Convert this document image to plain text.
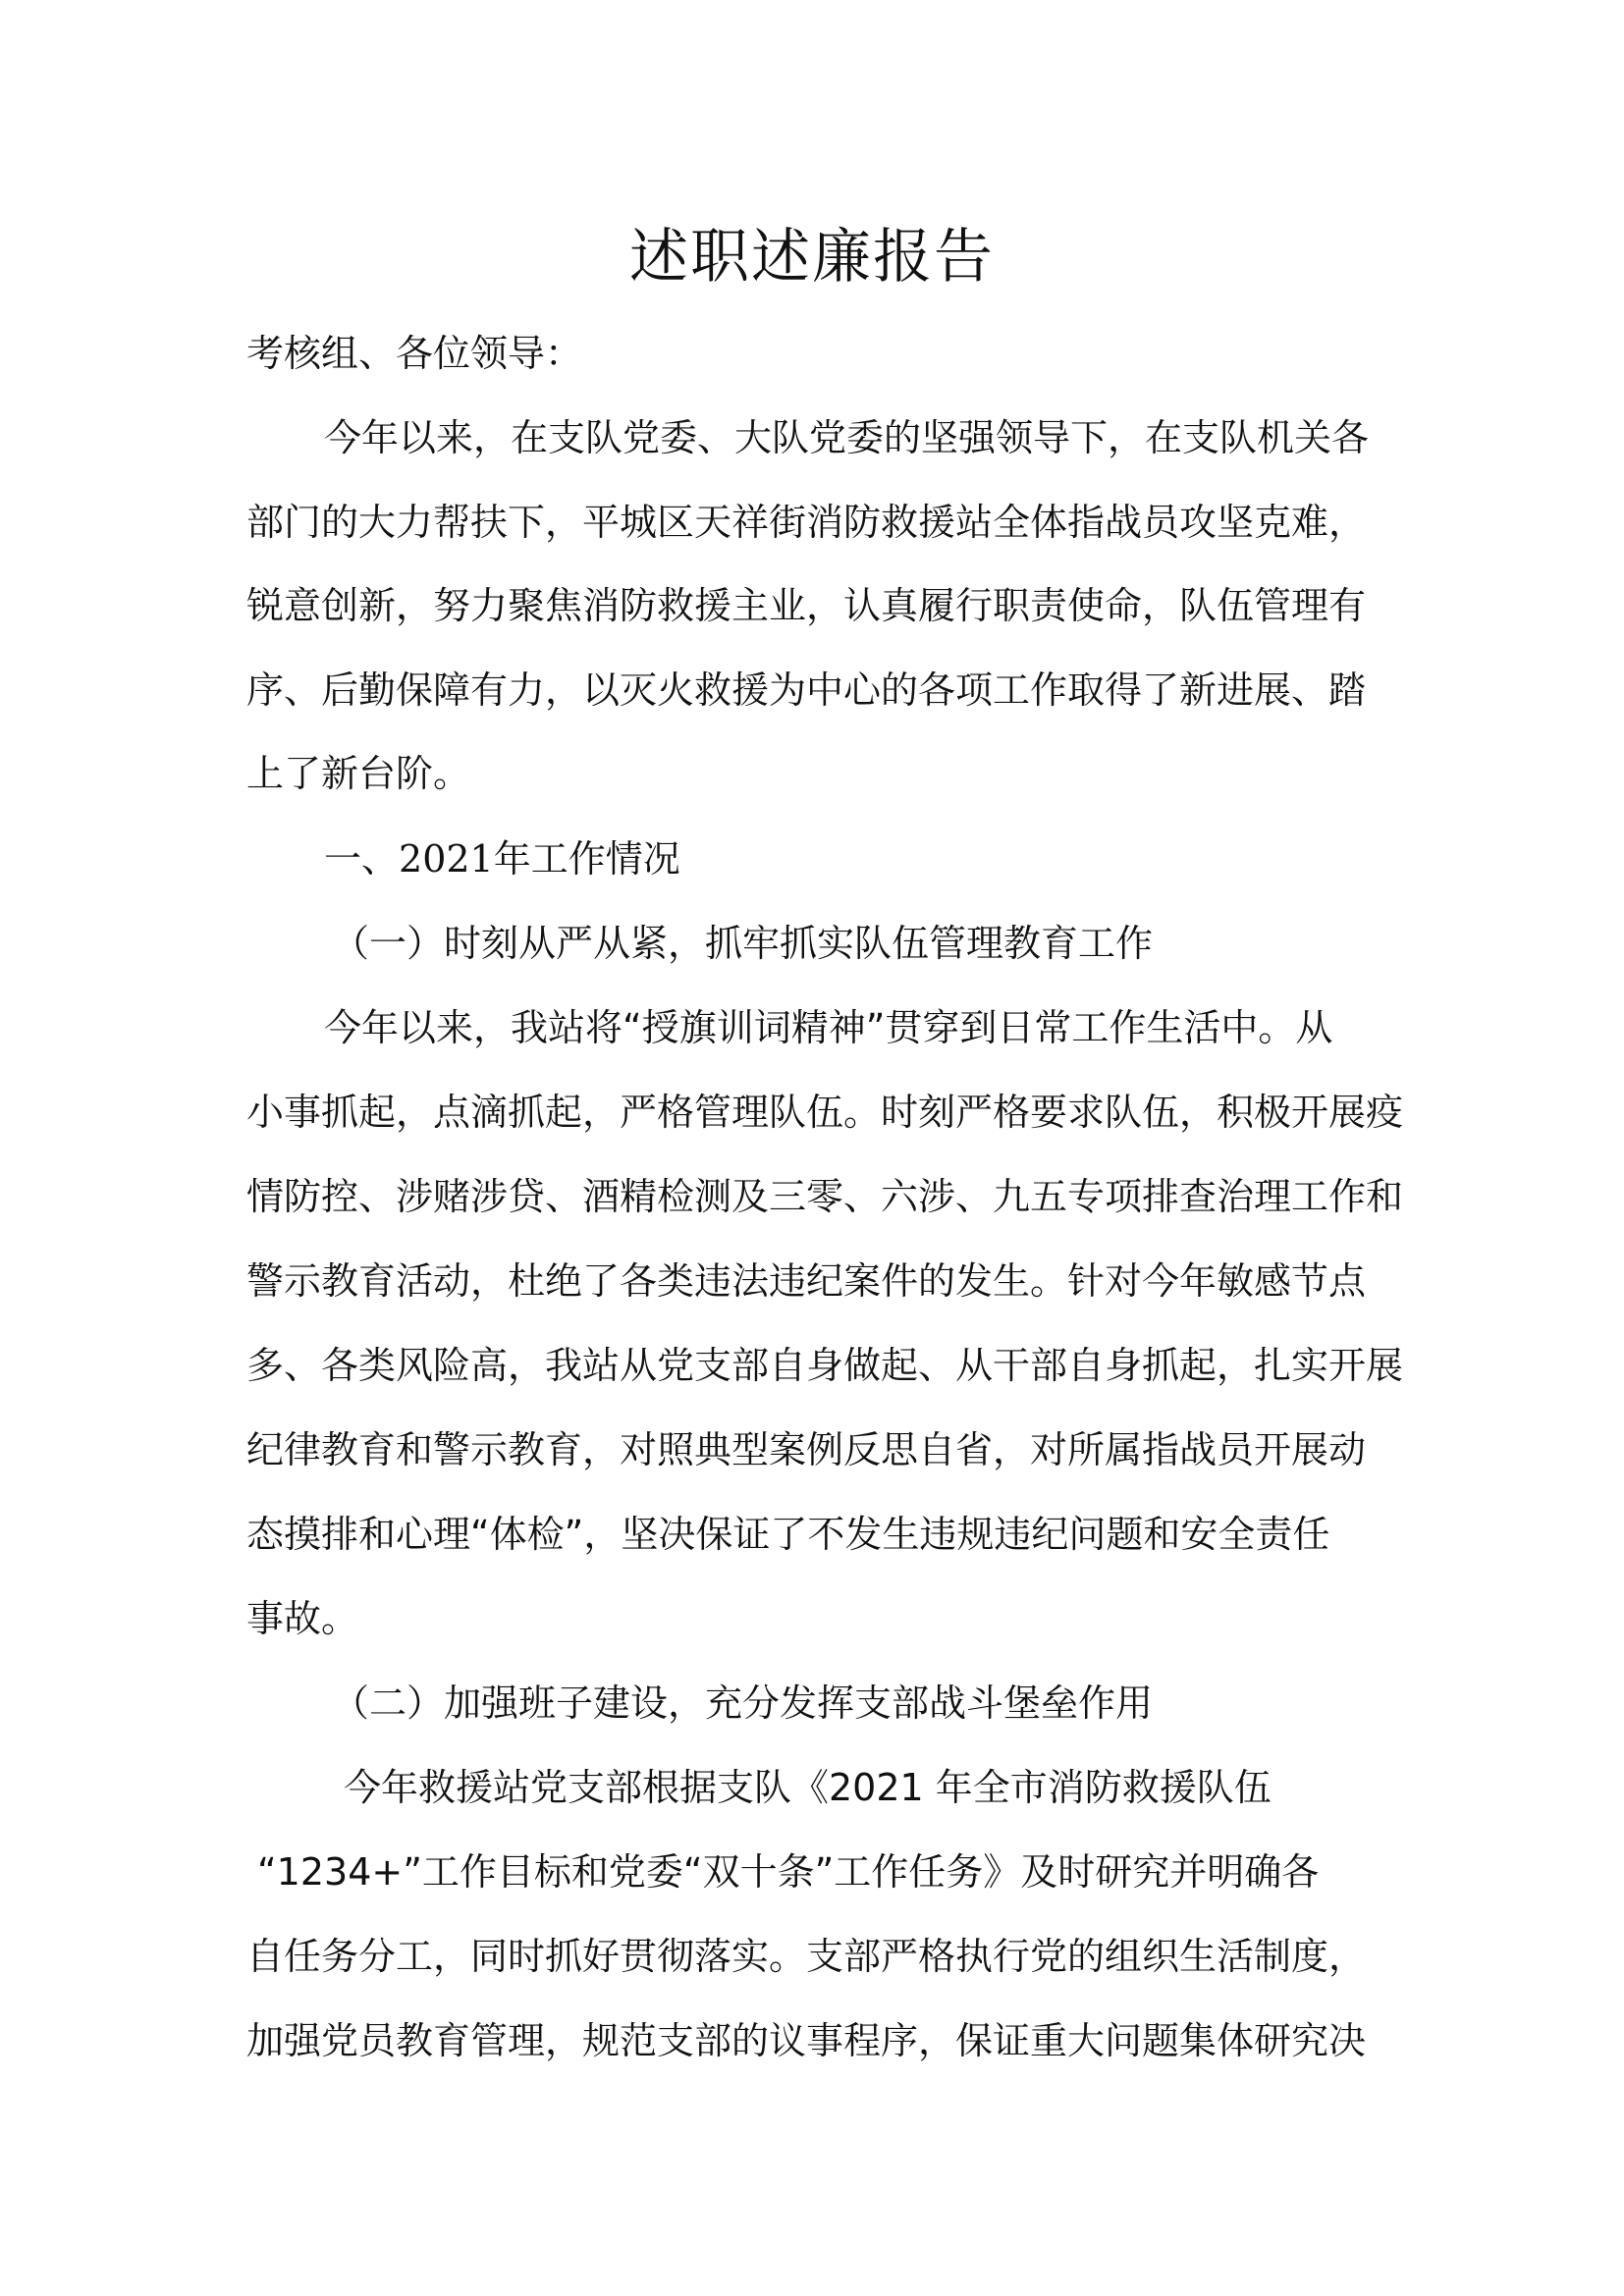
述职述廉报告
考核组、各位领导：
今年以来，在支队党委、大队党委的坚强领导下，在支队机关各
部门的大力帮扶下，平城区天祥街消防救援站全体指战员攻坚克难，
锐意创新，努力聚焦消防救援主业，认真履行职责使命，队伍管理有
序、后勤保障有力，以灭火救援为中心的各项工作取得了新进展、踏
上了新台阶。
一、2021年工作情况
（一）时刻从严从紧，抓牢抓实队伍管理教育工作
今年以来，我站将“授旗训词精神”贯穿到日常工作生活中。从
小事抓起，点滴抓起，严格管理队伍。时刻严格要求队伍，积极开展疫
情防控、涉赌涉贷、酒精检测及三零、六涉、九五专项排查治理工作和
警示教育活动，杜绝了各类违法违纪案件的发生。针对今年敏感节点
多、各类风险高，我站从党支部自身做起、从干部自身抓起，扎实开展
纪律教育和警示教育，对照典型案例反思自省，对所属指战员开展动
态摸排和心理“体检”，坚决保证了不发生违规违纪问题和安全责任
事故。
（二）加强班子建设，充分发挥支部战斗堡垒作用
今年救援站党支部根据支队《2021 年全市消防救援队伍
“1234+”工作目标和党委“双十条”工作任务》及时研究并明确各
自任务分工，同时抓好贯彻落实。支部严格执行党的组织生活制度，
加强党员教育管理，规范支部的议事程序，保证重大问题集体研究决
